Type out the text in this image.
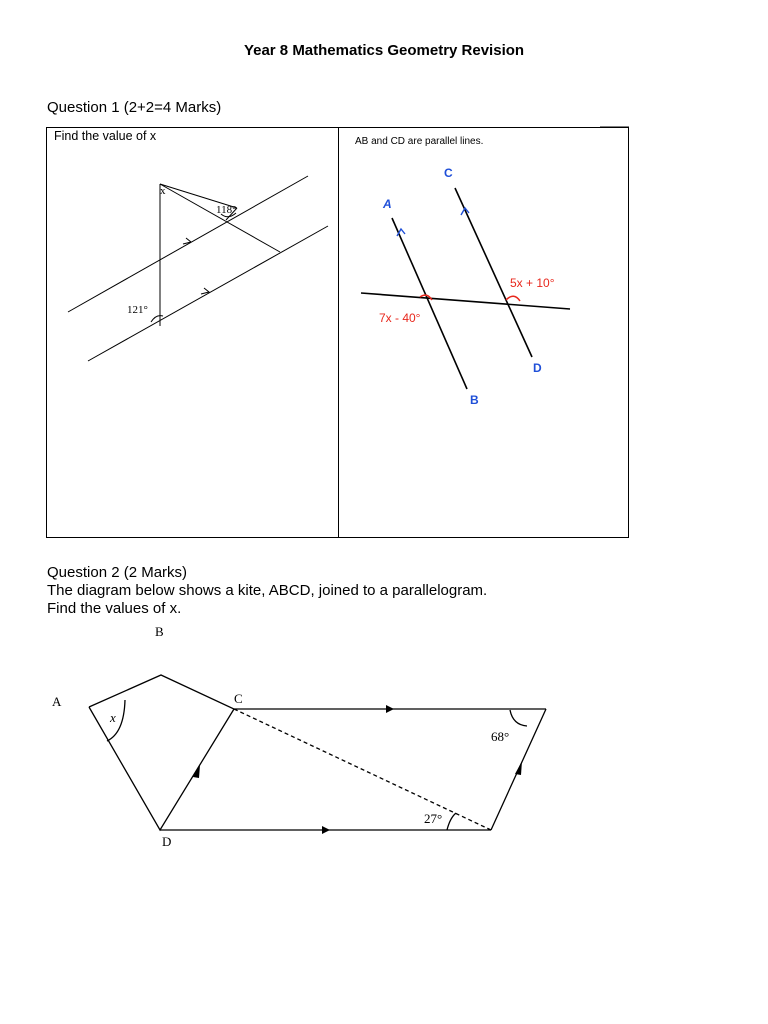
Year 8 Mathematics Geometry Revision
Question 1 (2+2=4 Marks)
Find the value of x
x
118°
121°
AB and CD are parallel lines.
A
B
C
D
7x - 40°
5x + 10°
A
B
C
D
x
68°
27°
Question 2 (2 Marks)
The diagram below shows a kite, ABCD, joined to a parallelogram.
Find the values of x.
